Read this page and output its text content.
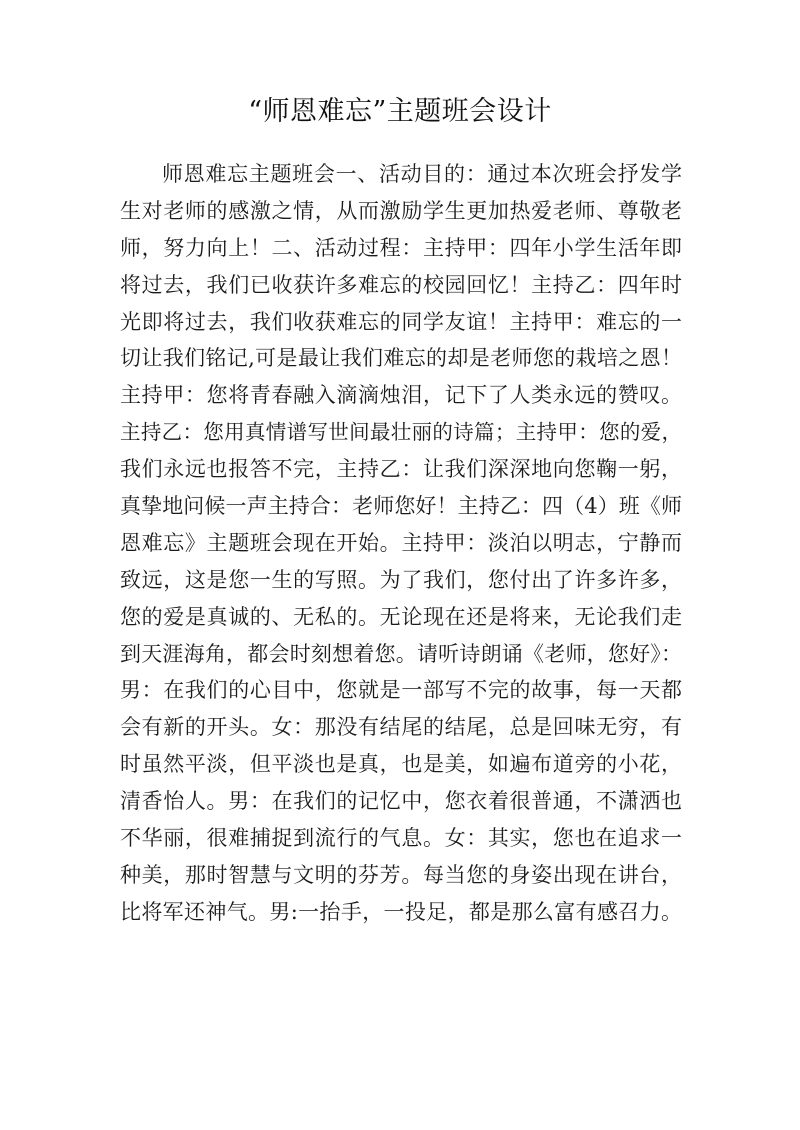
“师恩难忘”主题班会设计
师恩难忘主题班会一、活动目的：通过本次班会抒发学
生对老师的感激之情，从而激励学生更加热爱老师、尊敬老
师，努力向上！二、活动过程：主持甲：四年小学生活年即
将过去，我们已收获许多难忘的校园回忆！主持乙：四年时
光即将过去，我们收获难忘的同学友谊！主持甲：难忘的一
切让我们铭记,可是最让我们难忘的却是老师您的栽培之恩！
主持甲：您将青春融入滴滴烛泪，记下了人类永远的赞叹。
主持乙：您用真情谱写世间最壮丽的诗篇；主持甲：您的爱，
我们永远也报答不完，主持乙：让我们深深地向您鞠一躬，
真挚地问候一声主持合：老师您好！主持乙：四（4）班《师
恩难忘》主题班会现在开始。主持甲：淡泊以明志，宁静而
致远，这是您一生的写照。为了我们，您付出了许多许多，
您的爱是真诚的、无私的。无论现在还是将来，无论我们走
到天涯海角，都会时刻想着您。请听诗朗诵《老师，您好》：
男：在我们的心目中，您就是一部写不完的故事，每一天都
会有新的开头。女：那没有结尾的结尾，总是回味无穷，有
时虽然平淡，但平淡也是真，也是美，如遍布道旁的小花，
清香怡人。男：在我们的记忆中，您衣着很普通，不潇洒也
不华丽，很难捕捉到流行的气息。女：其实，您也在追求一
种美，那时智慧与文明的芬芳。每当您的身姿出现在讲台，
比将军还神气。男:一抬手，一投足，都是那么富有感召力。
